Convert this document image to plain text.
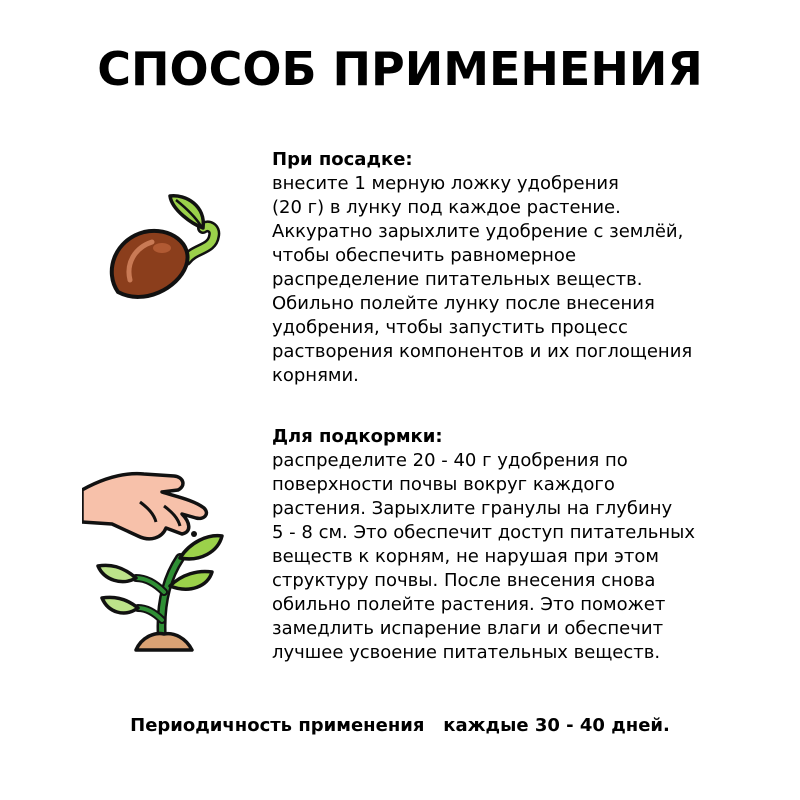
СПОСОБ ПРИМЕНЕНИЯ
При посадке:
внесите 1 мерную ложку удобрения
(20 г) в лунку под каждое растение.
Аккуратно зарыхлите удобрение с землёй,
чтобы обеспечить равномерное
распределение питательных веществ.
Обильно полейте лунку после внесения
удобрения, чтобы запустить процесс
растворения компонентов и их поглощения
корнями.
Для подкормки:
распределите 20 - 40 г удобрения по
поверхности почвы вокруг каждого
растения. Зарыхлите гранулы на глубину
5 - 8 см. Это обеспечит доступ питательных
веществ к корням, не нарушая при этом
структуру почвы. После внесения снова
обильно полейте растения. Это поможет
замедлить испарение влаги и обеспечит
лучшее усвоение питательных веществ.
Периодичность применения каждые 30 - 40 дней.
